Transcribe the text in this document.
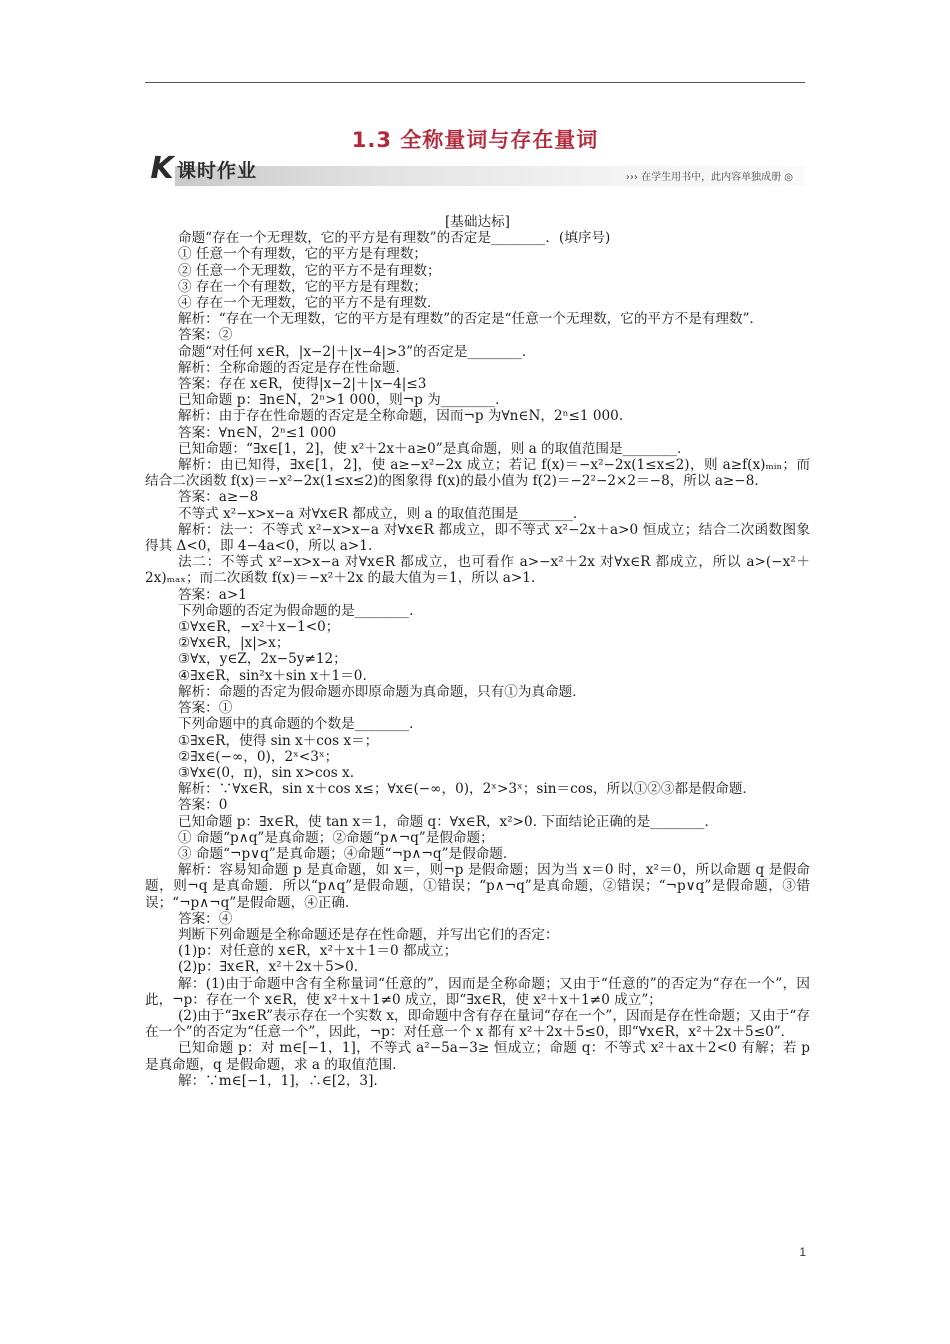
1.3 全称量词与存在量词
K 课时作业	››› 在学生用书中，此内容单独成册 ◎

[基础达标]

命题“存在一个无理数，它的平方是有理数”的否定是________．(填序号)

① 任意一个有理数，它的平方是有理数；

② 任意一个无理数，它的平方不是有理数；

③ 存在一个有理数，它的平方是有理数；

④ 存在一个无理数，它的平方不是有理数．

解析：“存在一个无理数，它的平方是有理数”的否定是“任意一个无理数，它的平方不是有理数”．

答案：②

命题“对任何 x∈R，|x−2|＋|x−4|>3”的否定是________．

解析：全称命题的否定是存在性命题．

答案：存在 x∈R，使得|x−2|＋|x−4|≤3

已知命题 p：∃n∈N，2ⁿ>1 000，则¬p 为________．

解析：由于存在性命题的否定是全称命题，因而¬p 为∀n∈N，2ⁿ≤1 000.

答案：∀n∈N，2ⁿ≤1 000

已知命题：“∃x∈[1，2]，使 x²＋2x＋a≥0”是真命题，则 a 的取值范围是________．

解析：由已知得，∃x∈[1，2]，使 a≥−x²−2x 成立；若记 f(x)＝−x²−2x(1≤x≤2)，则 a≥f(x)ₘᵢₙ；而结合二次函数 f(x)＝−x²−2x(1≤x≤2)的图象得 f(x)的最小值为 f(2)＝−2²−2×2＝−8，所以 a≥−8.

答案：a≥−8

不等式 x²−x>x−a 对∀x∈R 都成立，则 a 的取值范围是________．

解析：法一：不等式 x²−x>x−a 对∀x∈R 都成立，即不等式 x²−2x＋a>0 恒成立；结合二次函数图象得其 Δ<0，即 4−4a<0，所以 a>1.

法二：不等式 x²−x>x−a 对∀x∈R 都成立，也可看作 a>−x²＋2x 对∀x∈R 都成立，所以 a>(−x²＋2x)ₘₐₓ；而二次函数 f(x)＝−x²＋2x 的最大值为＝1，所以 a>1.

答案：a>1

下列命题的否定为假命题的是________．

①∀x∈R，−x²＋x−1<0；

②∀x∈R，|x|>x；

③∀x，y∈Z，2x−5y≠12；

④∃x∈R，sin²x＋sin x＋1＝0.

解析：命题的否定为假命题亦即原命题为真命题，只有①为真命题．

答案：①

下列命题中的真命题的个数是________．

①∃x∈R，使得 sin x＋cos x＝；

②∃x∈(−∞，0)，2ˣ<3ˣ；

③∀x∈(0，π)，sin x>cos x.

解析：∵∀x∈R，sin x＋cos x≤；∀x∈(−∞，0)，2ˣ>3ˣ；sin＝cos，所以①②③都是假命题．

答案：0

已知命题 p：∃x∈R，使 tan x＝1，命题 q：∀x∈R，x²>0. 下面结论正确的是________．

① 命题“p∧q”是真命题；②命题“p∧¬q”是假命题；

③ 命题“¬p∨q”是真命题；④命题“¬p∧¬q”是假命题．

解析：容易知命题 p 是真命题，如 x＝，则¬p 是假命题；因为当 x＝0 时，x²＝0，所以命题 q 是假命题，则¬q 是真命题．所以“p∧q”是假命题，①错误；“p∧¬q”是真命题，②错误；“¬p∨q”是假命题，③错误；“¬p∧¬q”是假命题，④正确．

答案：④

判断下列命题是全称命题还是存在性命题，并写出它们的否定：

(1)p：对任意的 x∈R，x²＋x＋1＝0 都成立；

(2)p：∃x∈R，x²＋2x＋5>0.

解：(1)由于命题中含有全称量词“任意的”，因而是全称命题；又由于“任意的”的否定为“存在一个”，因此，¬p：存在一个 x∈R，使 x²＋x＋1≠0 成立，即“∃x∈R，使 x²＋x＋1≠0 成立”；

(2)由于“∃x∈R”表示存在一个实数 x，即命题中含有存在量词“存在一个”，因而是存在性命题；又由于“存在一个”的否定为“任意一个”，因此，¬p：对任意一个 x 都有 x²＋2x＋5≤0，即“∀x∈R，x²＋2x＋5≤0”．

已知命题 p：对 m∈[−1，1]，不等式 a²−5a−3≥ 恒成立；命题 q：不等式 x²＋ax＋2<0 有解；若 p 是真命题，q 是假命题，求 a 的取值范围．

解：∵m∈[−1，1]，∴∈[2，3].

1
